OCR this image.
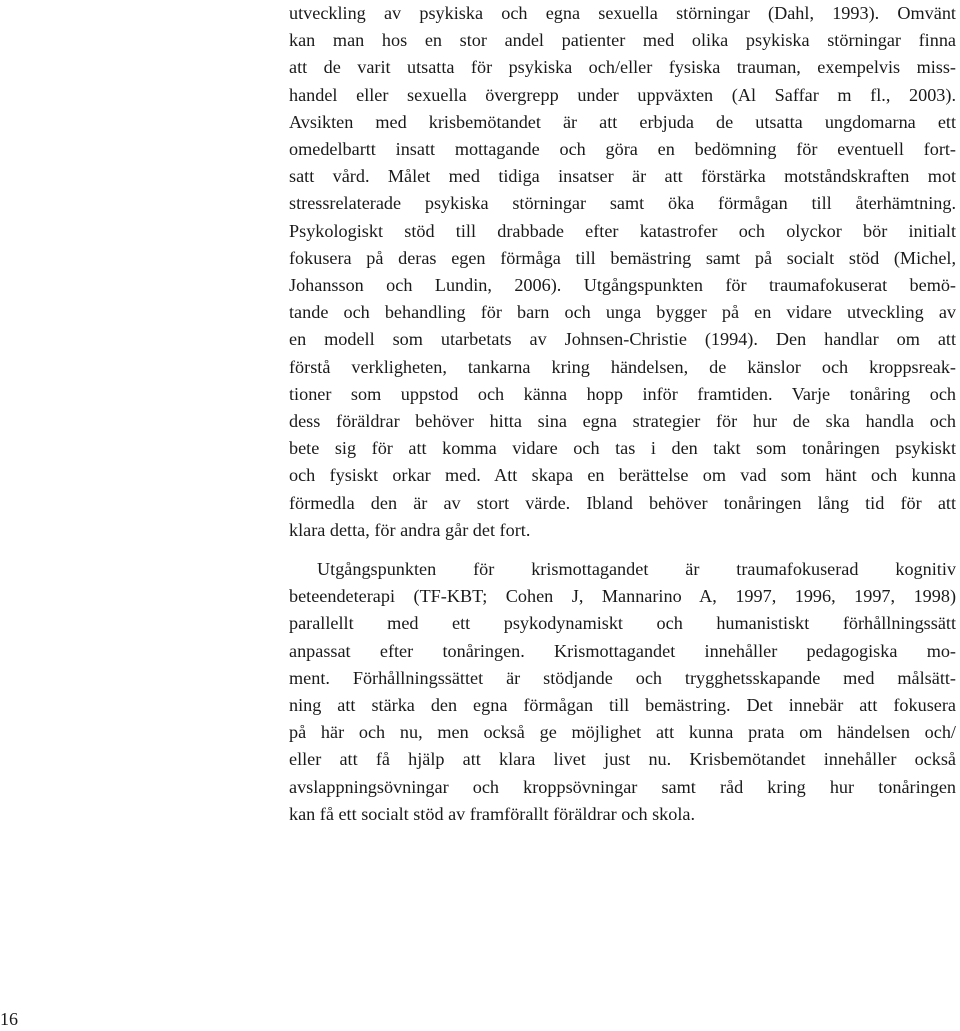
utveckling av psykiska och egna sexuella störningar (Dahl, 1993). Omvänt
kan man hos en stor andel patienter med olika psykiska störningar finna
att de varit utsatta för psykiska och/eller fysiska trauman, exempelvis miss-
handel eller sexuella övergrepp under uppväxten (Al Saffar m fl., 2003).
Avsikten med krisbemötandet är att erbjuda de utsatta ungdomarna ett
omedelbartt insatt mottagande och göra en bedömning för eventuell fort-
satt vård. Målet med tidiga insatser är att förstärka motståndskraften mot
stressrelaterade psykiska störningar samt öka förmågan till återhämtning.
Psykologiskt stöd till drabbade efter katastrofer och olyckor bör initialt
fokusera på deras egen förmåga till bemästring samt på socialt stöd (Michel,
Johansson och Lundin, 2006). Utgångspunkten för traumafokuserat bemö-
tande och behandling för barn och unga bygger på en vidare utveckling av
en modell som utarbetats av Johnsen-Christie (1994). Den handlar om att
förstå verkligheten, tankarna kring händelsen, de känslor och kroppsreak-
tioner som uppstod och känna hopp inför framtiden. Varje tonåring och
dess föräldrar behöver hitta sina egna strategier för hur de ska handla och
bete sig för att komma vidare och tas i den takt som tonåringen psykiskt
och fysiskt orkar med. Att skapa en berättelse om vad som hänt och kunna
förmedla den är av stort värde. Ibland behöver tonåringen lång tid för att
klara detta, för andra går det fort.
Utgångspunkten för krismottagandet är traumafokuserad kognitiv
beteendeterapi (TF-KBT; Cohen J, Mannarino A, 1997, 1996, 1997, 1998)
parallellt med ett psykodynamiskt och humanistiskt förhållningssätt
anpassat efter tonåringen. Krismottagandet innehåller pedagogiska mo-
ment. Förhållningssättet är stödjande och trygghetsskapande med målsätt-
ning att stärka den egna förmågan till bemästring. Det innebär att fokusera
på här och nu, men också ge möjlighet att kunna prata om händelsen och/
eller att få hjälp att klara livet just nu. Krisbemötandet innehåller också
avslappningsövningar och kroppsövningar samt råd kring hur tonåringen
kan få ett socialt stöd av framförallt föräldrar och skola.
16
